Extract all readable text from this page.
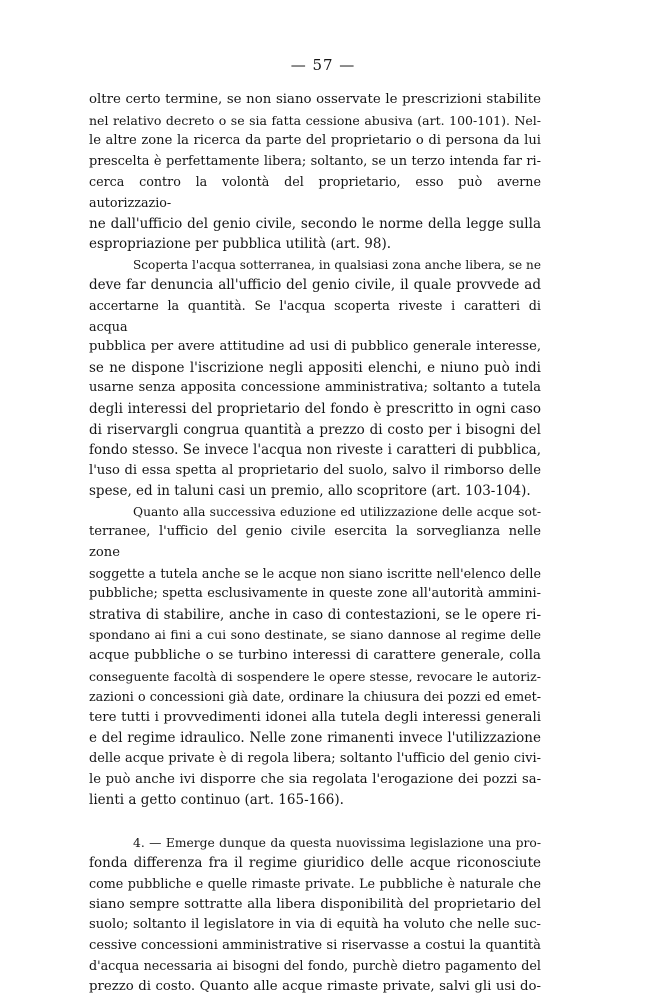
— 57 —

oltre certo termine, se non siano osservate le prescrizioni stabilite
nel relativo decreto o se sia fatta cessione abusiva (art. 100-101). Nel-
le altre zone la ricerca da parte del proprietario o di persona da lui
prescelta è perfettamente libera; soltanto, se un terzo intenda far ri-
cerca contro la volontà del proprietario, esso può averne autorizzazio-
ne dall'ufficio del genio civile, secondo le norme della legge sulla
espropriazione per pubblica utilità (art. 98).

Scoperta l'acqua sotterranea, in qualsiasi zona anche libera, se ne
deve far denuncia all'ufficio del genio civile, il quale provvede ad
accertarne la quantità. Se l'acqua scoperta riveste i caratteri di acqua
pubblica per avere attitudine ad usi di pubblico generale interesse,
se ne dispone l'iscrizione negli appositi elenchi, e niuno può indi
usarne senza apposita concessione amministrativa; soltanto a tutela
degli interessi del proprietario del fondo è prescritto in ogni caso
di riservargli congrua quantità a prezzo di costo per i bisogni del
fondo stesso. Se invece l'acqua non riveste i caratteri di pubblica,
l'uso di essa spetta al proprietario del suolo, salvo il rimborso delle
spese, ed in taluni casi un premio, allo scopritore (art. 103-104).

Quanto alla successiva eduzione ed utilizzazione delle acque sot-
terranee, l'ufficio del genio civile esercita la sorveglianza nelle zone
soggette a tutela anche se le acque non siano iscritte nell'elenco delle
pubbliche; spetta esclusivamente in queste zone all'autorità ammini-
strativa di stabilire, anche in caso di contestazioni, se le opere ri-
spondano ai fini a cui sono destinate, se siano dannose al regime delle
acque pubbliche o se turbino interessi di carattere generale, colla
conseguente facoltà di sospendere le opere stesse, revocare le autoriz-
zazioni o concessioni già date, ordinare la chiusura dei pozzi ed emet-
tere tutti i provvedimenti idonei alla tutela degli interessi generali
e del regime idraulico. Nelle zone rimanenti invece l'utilizzazione
delle acque private è di regola libera; soltanto l'ufficio del genio civi-
le può anche ivi disporre che sia regolata l'erogazione dei pozzi sa-
lienti a getto continuo (art. 165-166).

4. — Emerge dunque da questa nuovissima legislazione una pro-
fonda differenza fra il regime giuridico delle acque riconosciute
come pubbliche e quelle rimaste private. Le pubbliche è naturale che
siano sempre sottratte alla libera disponibilità del proprietario del
suolo; soltanto il legislatore in via di equità ha voluto che nelle suc-
cessive concessioni amministrative si riservasse a costui la quantità
d'acqua necessaria ai bisogni del fondo, purchè dietro pagamento del
prezzo di costo. Quanto alle acque rimaste private, salvi gli usi do-
